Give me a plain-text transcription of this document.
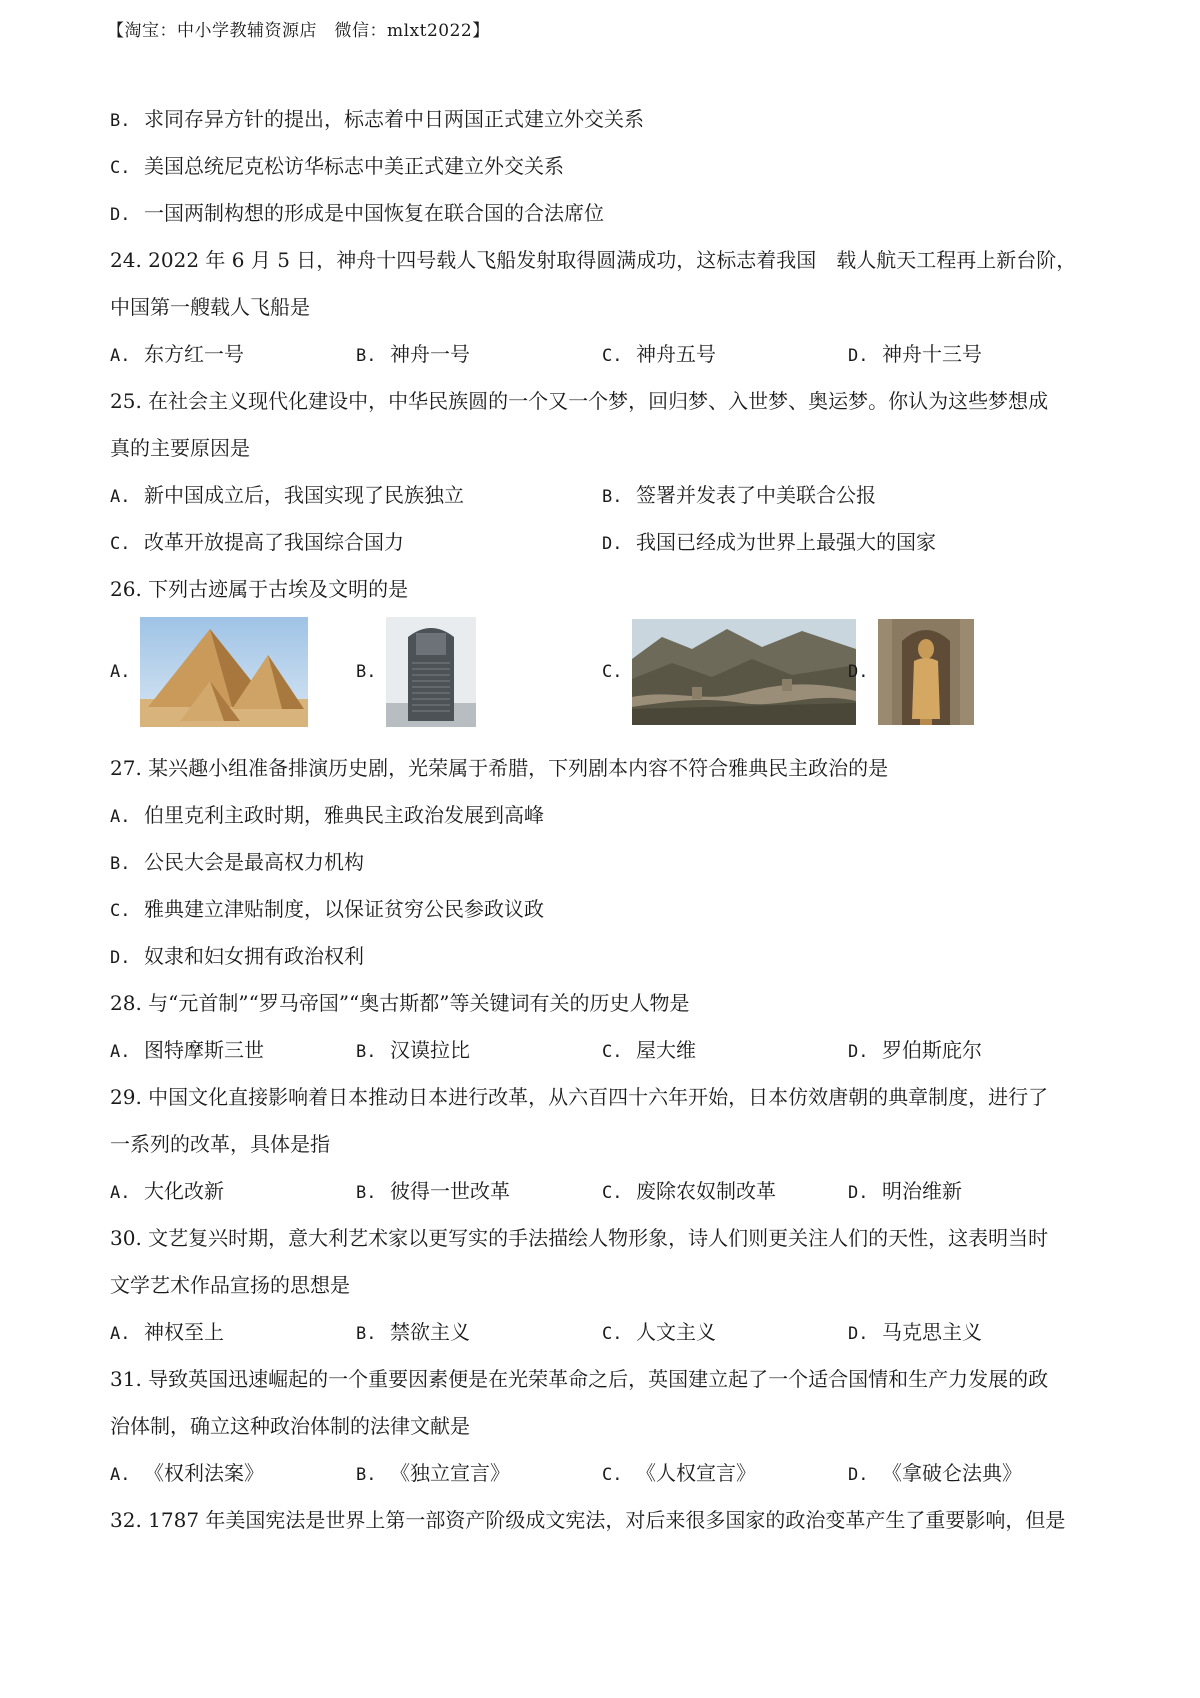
【淘宝：中小学教辅资源店　微信：mlxt2022】
B. 求同存异方针的提出，标志着中日两国正式建立外交关系
C. 美国总统尼克松访华标志中美正式建立外交关系
D. 一国两制构想的形成是中国恢复在联合国的合法席位
24. 2022 年 6 月 5 日，神舟十四号载人飞船发射取得圆满成功，这标志着我国　载人航天工程再上新台阶，
中国第一艘载人飞船是
A. 东方红一号	B. 神舟一号	C. 神舟五号	D. 神舟十三号
25. 在社会主义现代化建设中，中华民族圆的一个又一个梦，回归梦、入世梦、奥运梦。你认为这些梦想成
真的主要原因是
A. 新中国成立后，我国实现了民族独立	B. 签署并发表了中美联合公报
C. 改革开放提高了我国综合国力	D. 我国已经成为世界上最强大的国家
26. 下列古迹属于古埃及文明的是
A.	B.	C.	D.
27. 某兴趣小组准备排演历史剧，光荣属于希腊，下列剧本内容不符合雅典民主政治的是
A. 伯里克利主政时期，雅典民主政治发展到高峰
B. 公民大会是最高权力机构
C. 雅典建立津贴制度，以保证贫穷公民参政议政
D. 奴隶和妇女拥有政治权利
28. 与“元首制”“罗马帝国”“奥古斯都”等关键词有关的历史人物是
A. 图特摩斯三世	B. 汉谟拉比	C. 屋大维	D. 罗伯斯庇尔
29. 中国文化直接影响着日本推动日本进行改革，从六百四十六年开始，日本仿效唐朝的典章制度，进行了
一系列的改革，具体是指
A. 大化改新	B. 彼得一世改革	C. 废除农奴制改革	D. 明治维新
30. 文艺复兴时期，意大利艺术家以更写实的手法描绘人物形象，诗人们则更关注人们的天性，这表明当时
文学艺术作品宣扬的思想是
A. 神权至上	B. 禁欲主义	C. 人文主义	D. 马克思主义
31. 导致英国迅速崛起的一个重要因素便是在光荣革命之后，英国建立起了一个适合国情和生产力发展的政
治体制，确立这种政治体制的法律文献是
A. 《权利法案》	B. 《独立宣言》	C. 《人权宣言》	D. 《拿破仑法典》
32. 1787 年美国宪法是世界上第一部资产阶级成文宪法，对后来很多国家的政治变革产生了重要影响，但是
